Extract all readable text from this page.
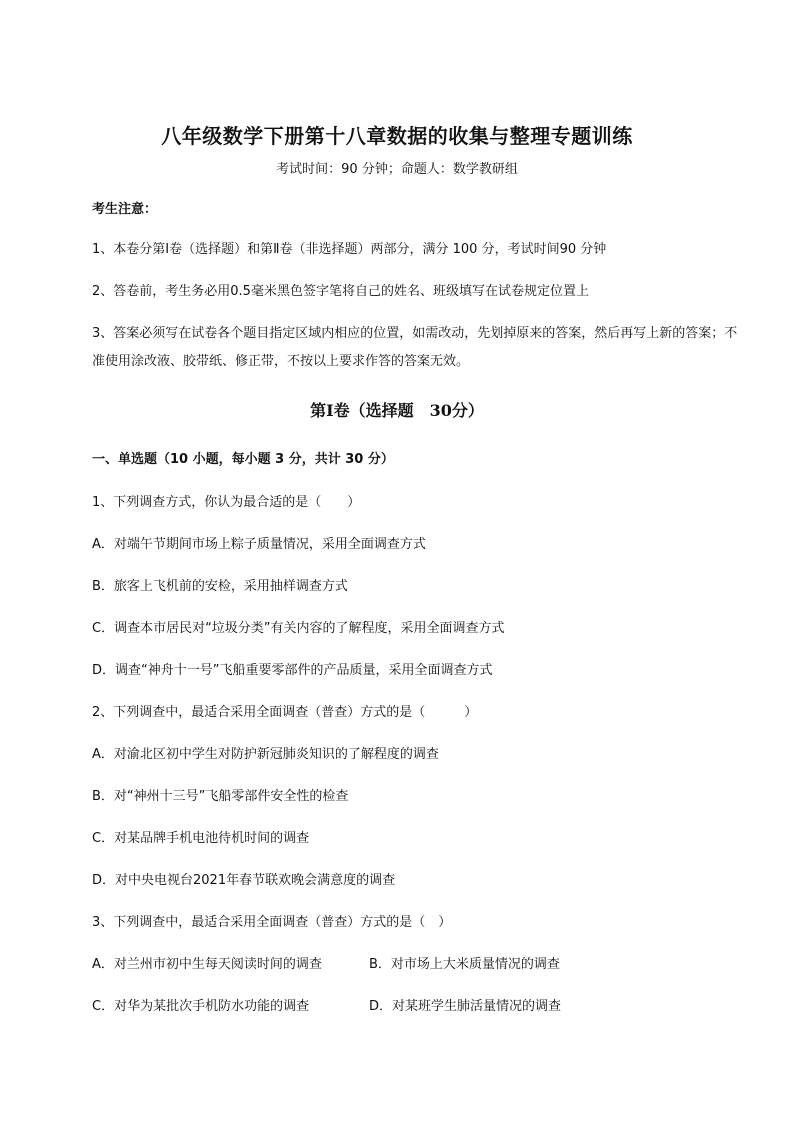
八年级数学下册第十八章数据的收集与整理专题训练
考试时间：90 分钟；命题人：数学教研组
考生注意：
1、本卷分第Ⅰ卷（选择题）和第Ⅱ卷（非选择题）两部分，满分 100 分，考试时间90 分钟
2、答卷前，考生务必用0.5毫米黑色签字笔将自己的姓名、班级填写在试卷规定位置上
3、答案必须写在试卷各个题目指定区域内相应的位置，如需改动，先划掉原来的答案，然后再写上新的答案；不准使用涂改液、胶带纸、修正带，不按以上要求作答的答案无效。
第Ⅰ卷（选择题　30分）
一、单选题（10 小题，每小题 3 分，共计 30 分）
1、下列调查方式，你认为最合适的是（　　）
A．对端午节期间市场上粽子质量情况，采用全面调查方式
B．旅客上飞机前的安检，采用抽样调查方式
C．调查本市居民对“垃圾分类”有关内容的了解程度，采用全面调查方式
D．调查“神舟十一号”飞船重要零部件的产品质量，采用全面调查方式
2、下列调查中，最适合采用全面调查（普查）方式的是（　　　）
A．对渝北区初中学生对防护新冠肺炎知识的了解程度的调查
B．对“神州十三号”飞船零部件安全性的检查
C．对某品牌手机电池待机时间的调查
D．对中央电视台2021年春节联欢晚会满意度的调查
3、下列调查中，最适合采用全面调查（普查）方式的是（　）
A．对兰州市初中生每天阅读时间的调查	B．对市场上大米质量情况的调查
C．对华为某批次手机防水功能的调查	D．对某班学生肺活量情况的调查
